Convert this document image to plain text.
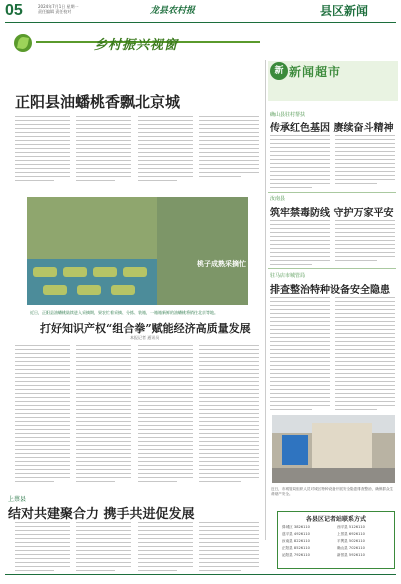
05	2024年7月1日 星期一
责任编辑 责任校对	龙县农村报	县区新闻
乡村振兴视窗
正阳县油蟠桃香飘北京城
桃子成熟采摘忙
近日，正阳县油蟠桃陆续进入采摘期，果农忙着采摘、分拣、装箱，一箱箱新鲜的油蟠桃将销往北京等地。
打好知识产权“组合拳”赋能经济高质量发展
本报记者 通讯员
上蔡县
结对共建聚合力 携手共进促发展
新 新闻超市
确山县驻村帮扶
传承红色基因 赓续奋斗精神
汝南县
筑牢禁毒防线 守护万家平安
驻马店市城管局
排查整治特种设备安全隐患
近日，市城管局组织人员对城区特种设备开展安全隐患排查整治，确保群众生命财产安全。
各县区记者站联系方式
驿城区 3826110	西平县 5126110
遂平县 4926110	上蔡县 6926110
汝南县 8226110	平舆县 5026110
正阳县 8526110	确山县 7026110
泌阳县 7926110	新蔡县 5926110
